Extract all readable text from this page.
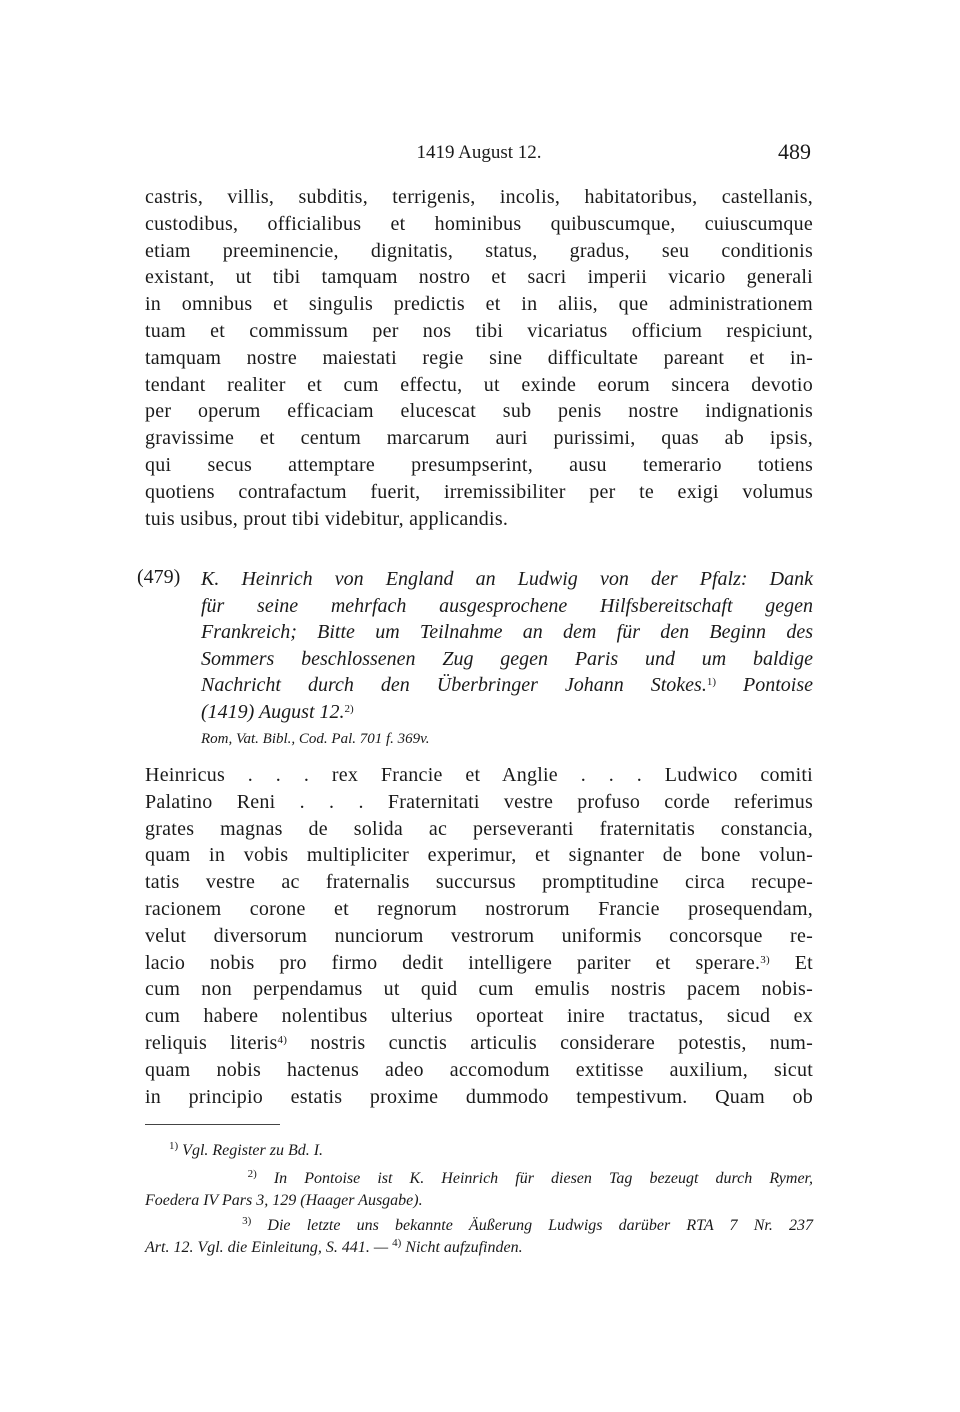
1419 August 12.	489
castris, villis, subditis, terrigenis, incolis, habitatoribus, castellanis,
custodibus, officialibus et hominibus quibuscumque, cuiuscumque
etiam preeminencie, dignitatis, status, gradus, seu conditionis
existant, ut tibi tamquam nostro et sacri imperii vicario generali
in omnibus et singulis predictis et in aliis, que administrationem
tuam et commissum per nos tibi vicariatus officium respiciunt,
tamquam nostre maiestati regie sine difficultate pareant et in-
tendant realiter et cum effectu, ut exinde eorum sincera devotio
per operum efficaciam elucescat sub penis nostre indignationis
gravissime et centum marcarum auri purissimi, quas ab ipsis,
qui secus attemptare presumpserint, ausu temerario totiens
quotiens contrafactum fuerit, irremissibiliter per te exigi volumus
tuis usibus, prout tibi videbitur, applicandis.
(479) K. Heinrich von England an Ludwig von der Pfalz: Dank
für seine mehrfach ausgesprochene Hilfsbereitschaft gegen
Frankreich; Bitte um Teilnahme an dem für den Beginn des
Sommers beschlossenen Zug gegen Paris und um baldige
Nachricht durch den Überbringer Johann Stokes.$^{1)}$ Pontoise
(1419) August 12.$^{2)}$
Rom, Vat. Bibl., Cod. Pal. 701 f. 369v.
Heinricus . . . rex Francie et Anglie . . . Ludwico comiti
Palatino Reni . . . Fraternitati vestre profuso corde referimus
grates magnas de solida ac perseveranti fraternitatis constancia,
quam in vobis multipliciter experimur, et signanter de bone volun-
tatis vestre ac fraternalis succursus promptitudine circa recupe-
racionem corone et regnorum nostrorum Francie prosequendam,
velut diversorum nunciorum vestrorum uniformis concorsque re-
lacio nobis pro firmo dedit intelligere pariter et sperare.$^{3)}$ Et
cum non perpendamus ut quid cum emulis nostris pacem nobis-
cum habere nolentibus ulterius oporteat inire tractatus, sicud ex
reliquis literis$^{4)}$ nostris cunctis articulis considerare potestis, num-
quam nobis hactenus adeo accomodum extitisse auxilium, sicut
in principio estatis proxime dummodo tempestivum. Quam ob
$^{1)}$ Vgl. Register zu Bd. I.
$^{2)}$ In Pontoise ist K. Heinrich für diesen Tag bezeugt durch Rymer,
Foedera IV Pars 3, 129 (Haager Ausgabe).
$^{3)}$ Die letzte uns bekannte Äußerung Ludwigs darüber RTA 7 Nr. 237
Art. 12. Vgl. die Einleitung, S. 441. — $^{4)}$ Nicht aufzufinden.
